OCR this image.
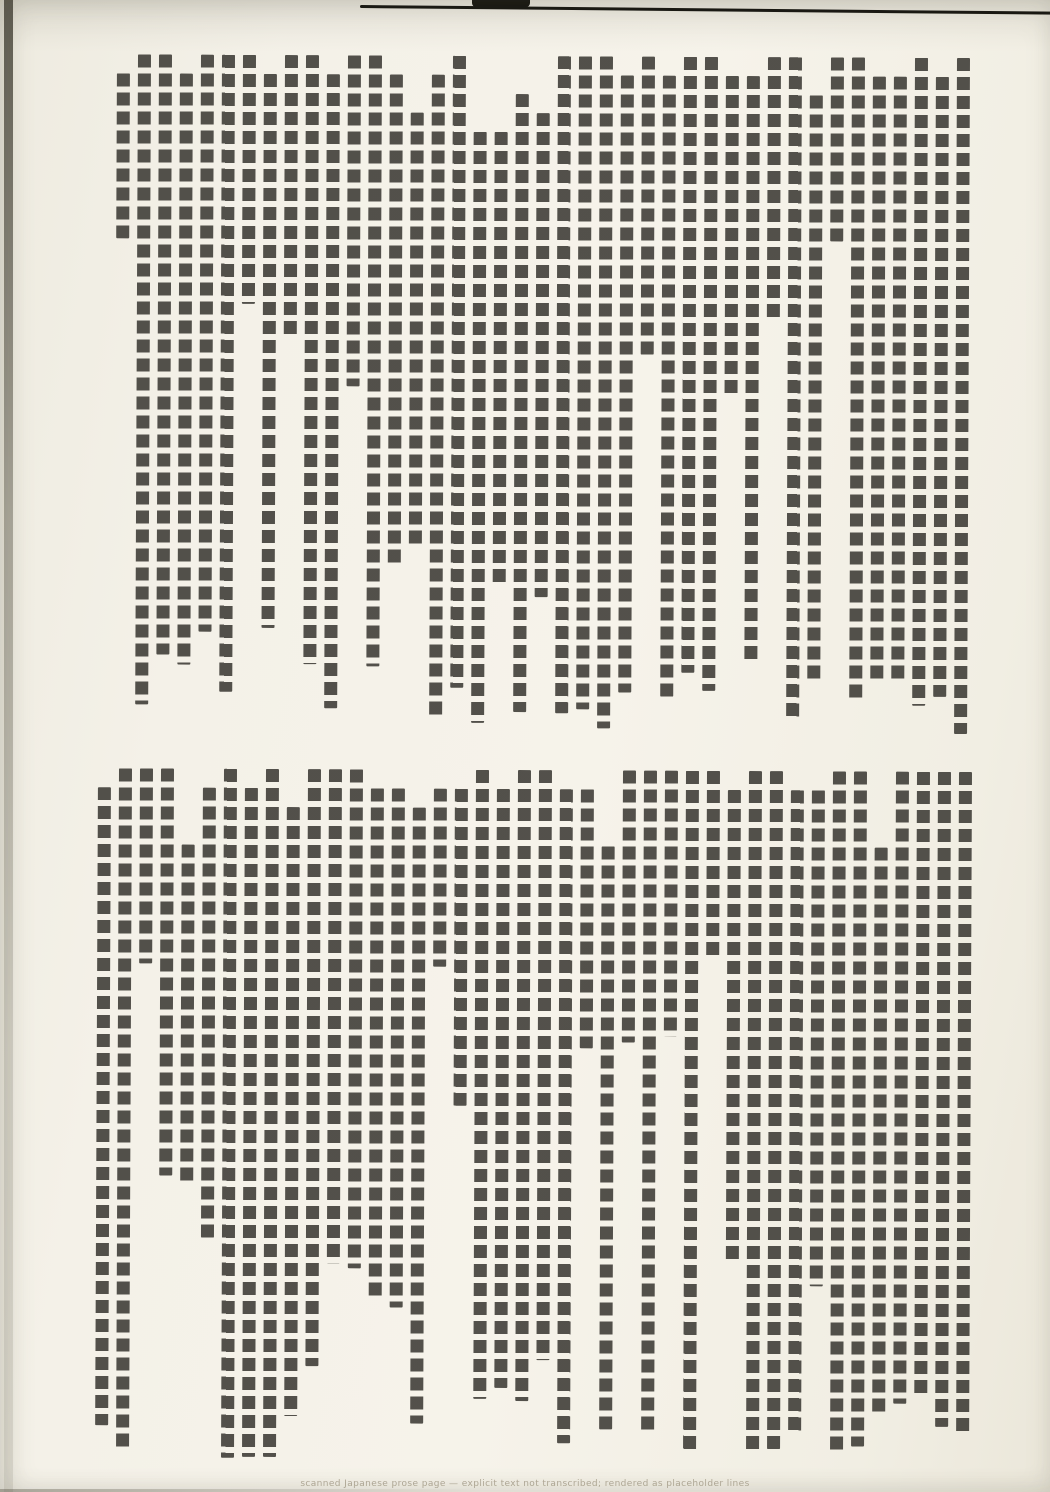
scanned Japanese prose page — explicit text not transcribed; rendered as placeholder lines
